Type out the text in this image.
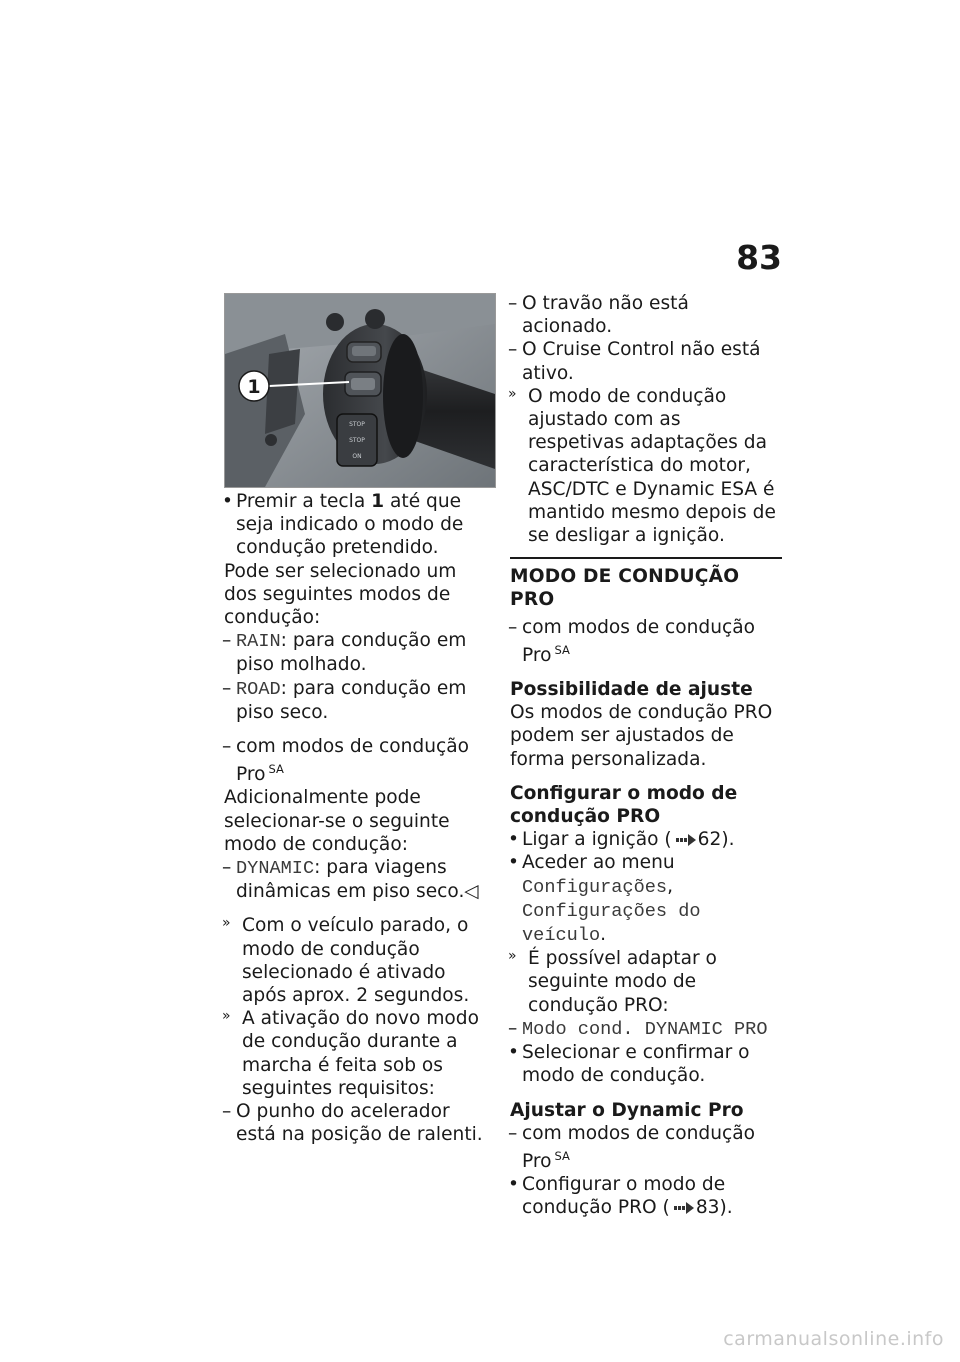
83
STOP
STOP
ON
1
• Premir a tecla 1 até que seja indicado o modo de condução pretendido.

Pode ser selecionado um dos seguintes modos de condução:

– RAIN: para condução em piso molhado.
– ROAD: para condução em piso seco.
– com modos de condução Pro $^{SA}$

Adicionalmente pode selecionar-se o seguinte modo de condução:

– DYNAMIC: para viagens dinâmicas em piso seco.◁
» Com o veículo parado, o modo de condução selecionado é ativado após aprox. 2 segundos.
» A ativação do novo modo de condução durante a marcha é feita sob os seguintes requisitos:
– O punho do acelerador está na posição de ralenti.
– O travão não está acionado.
– O Cruise Control não está ativo.
» O modo de condução ajustado com as respetivas adaptações da característica do motor, ASC/DTC e Dynamic ESA é mantido mesmo depois de se desligar a ignição.
MODO DE CONDUÇÃO PRO
– com modos de condução Pro $^{SA}$
Possibilidade de ajuste

Os modos de condução PRO podem ser ajustados de forma personalizada.

Configurar o modo de condução PRO
• Ligar a ignição ( 62).
• Aceder ao menu Configurações, Configurações do veículo.
» É possível adaptar o seguinte modo de condução PRO:
– Modo cond. DYNAMIC PRO
• Selecionar e confirmar o modo de condução.
Ajustar o Dynamic Pro
– com modos de condução Pro $^{SA}$
• Configurar o modo de condução PRO ( 83).
carmanualsonline.info
